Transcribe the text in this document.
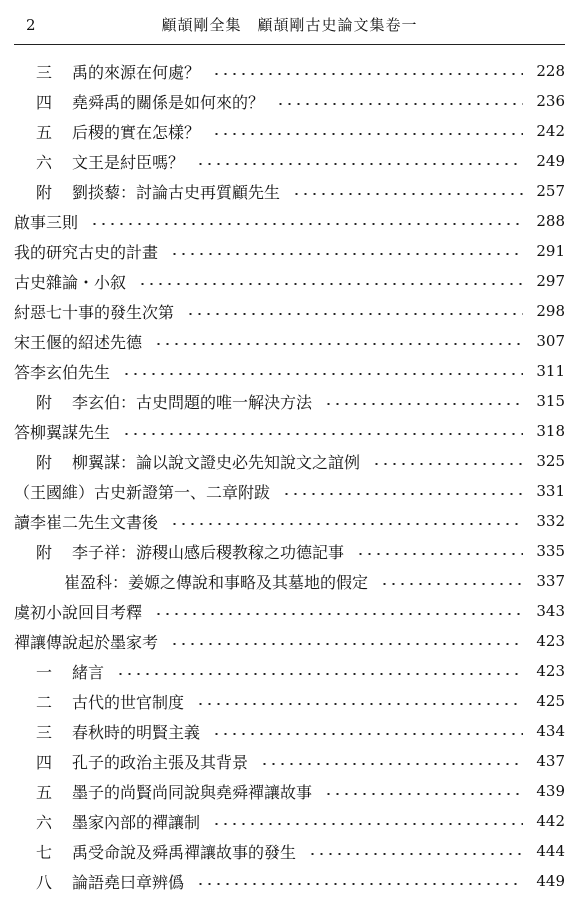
2	顧頡剛全集　顧頡剛古史論文集卷一
三	禹的來源在何處？	228
四	堯舜禹的關係是如何來的？	236
五	后稷的實在怎樣？	242
六	文王是紂臣嗎？	249
附	劉掞藜：討論古史再質顧先生	257
啟事三則	288
我的研究古史的計畫	291
古史雜論・小叙	297
紂惡七十事的發生次第	298
宋王偃的紹述先德	307
答李玄伯先生	311
附	李玄伯：古史問題的唯一解決方法	315
答柳翼謀先生	318
附	柳翼謀：論以說文證史必先知說文之誼例	325
（王國維）古史新證第一、二章附跋	331
讀李崔二先生文書後	332
附	李子祥：游稷山感后稷教稼之功德記事	335
崔盈科：姜嫄之傳說和事略及其墓地的假定	337
虞初小說回目考釋	343
禪讓傳說起於墨家考	423
一	緒言	423
二	古代的世官制度	425
三	春秋時的明賢主義	434
四	孔子的政治主張及其背景	437
五	墨子的尚賢尚同說與堯舜禪讓故事	439
六	墨家內部的禪讓制	442
七	禹受命說及舜禹禪讓故事的發生	444
八	論語堯曰章辨僞	449
